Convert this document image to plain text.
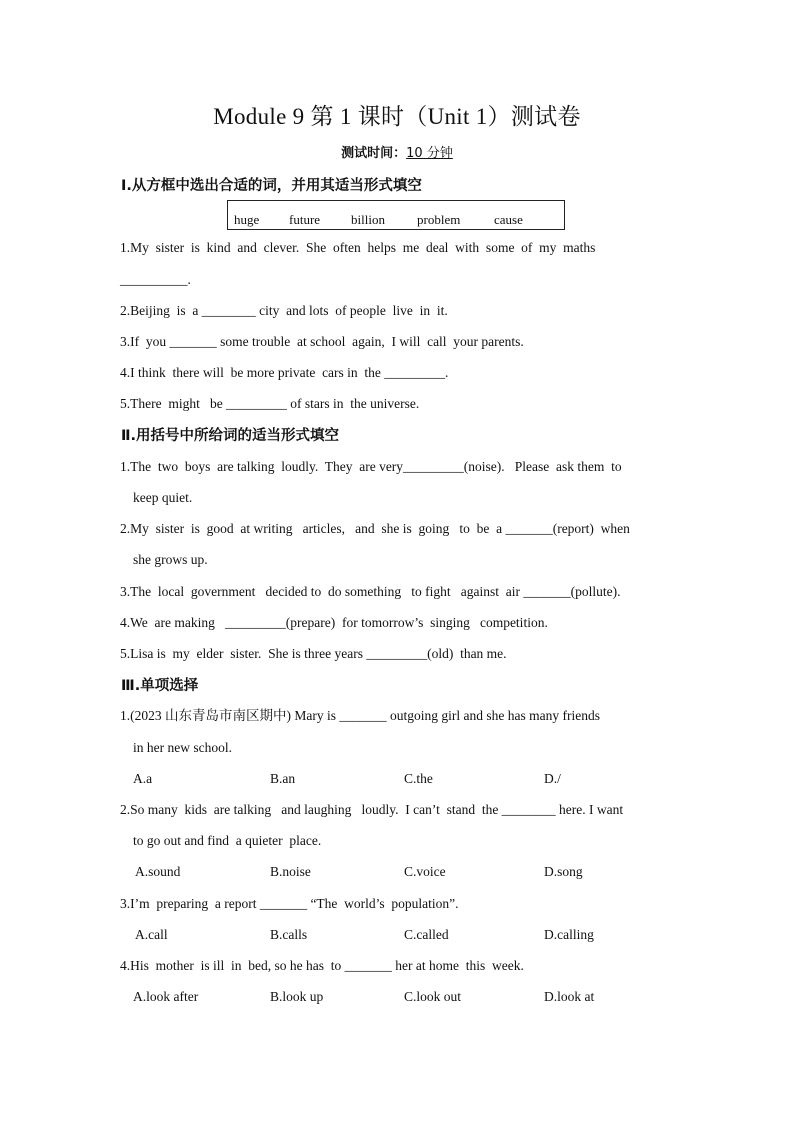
Module 9 第 1 课时（Unit 1）测试卷
测试时间：10 分钟
Ⅰ.从方框中选出合适的词，并用其适当形式填空
huge future billion problem	cause
1.My  sister  is  kind  and  clever.  She  often  helps  me  deal  with  some  of  my  maths
__________.
2.Beijing  is  a ________ city  and lots  of people  live  in  it.
3.If  you _______ some trouble  at school  again,  I will  call  your parents.
4.I think  there will  be more private  cars in  the _________.
5.There  might   be _________ of stars in  the universe.
Ⅱ.用括号中所给词的适当形式填空
1.The  two  boys  are talking  loudly.  They  are very_________(noise).   Please  ask them  to
keep quiet.
2.My  sister  is  good  at writing   articles,   and  she is  going   to  be  a _______(report)  when
she grows up.
3.The  local  government   decided to  do something   to fight   against  air _______(pollute).
4.We  are making   _________(prepare)  for tomorrow’s  singing   competition.
5.Lisa is  my  elder  sister.  She is three years _________(old)  than me.
Ⅲ.单项选择
1.(2023 山东青岛市南区期中) Mary is _______ outgoing girl and she has many friends
in her new school.
A.a	B.an	C.the	D./
2.So many  kids  are talking   and laughing   loudly.  I can’t  stand  the ________ here. I want
to go out and find  a quieter  place.
A.sound	B.noise	C.voice	D.song
3.I’m  preparing  a report _______ “The  world’s  population”.
A.call	B.calls	C.called	D.calling
4.His  mother  is ill  in  bed, so he has  to _______ her at home  this  week.
A.look after	B.look up	C.look out	D.look at
